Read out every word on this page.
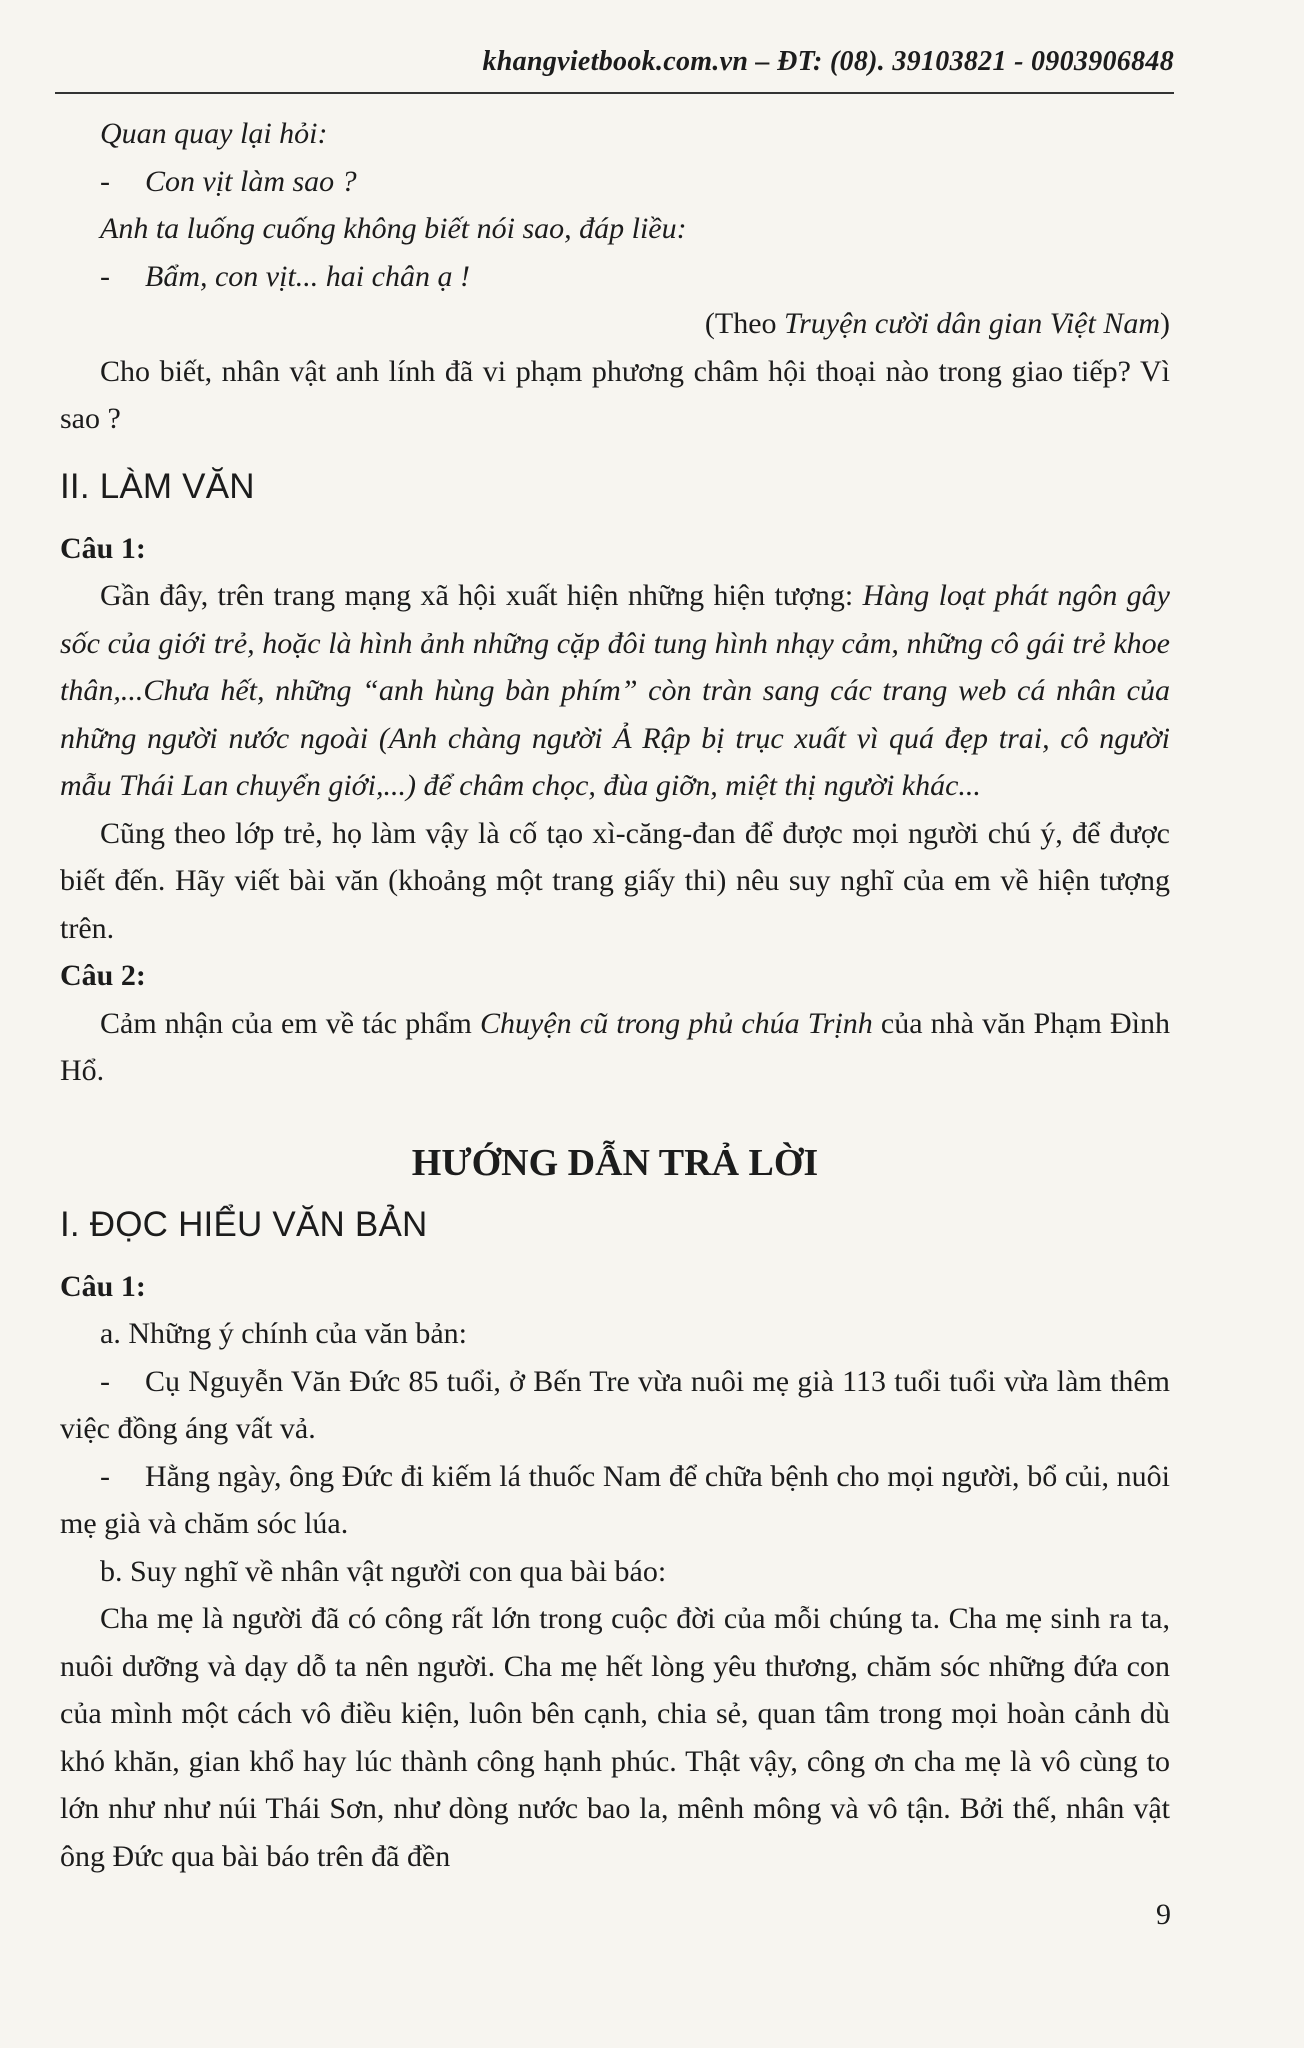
khangvietbook.com.vn – ĐT: (08). 39103821 - 0903906848

Quan quay lại hỏi:

-	Con vịt làm sao ?

Anh ta luống cuống không biết nói sao, đáp liều:

-	Bẩm, con vịt... hai chân ạ !

(Theo Truyện cười dân gian Việt Nam)

Cho biết, nhân vật anh lính đã vi phạm phương châm hội thoại nào trong giao tiếp? Vì sao ?

II. LÀM VĂN

Câu 1:

Gần đây, trên trang mạng xã hội xuất hiện những hiện tượng: Hàng loạt phát ngôn gây sốc của giới trẻ, hoặc là hình ảnh những cặp đôi tung hình nhạy cảm, những cô gái trẻ khoe thân,...Chưa hết, những “anh hùng bàn phím” còn tràn sang các trang web cá nhân của những người nước ngoài (Anh chàng người Ả Rập bị trục xuất vì quá đẹp trai, cô người mẫu Thái Lan chuyển giới,...) để châm chọc, đùa giỡn, miệt thị người khác...

Cũng theo lớp trẻ, họ làm vậy là cố tạo xì-căng-đan để được mọi người chú ý, để được biết đến. Hãy viết bài văn (khoảng một trang giấy thi) nêu suy nghĩ của em về hiện tượng trên.

Câu 2:

Cảm nhận của em về tác phẩm Chuyện cũ trong phủ chúa Trịnh của nhà văn Phạm Đình Hổ.

HƯỚNG DẪN TRẢ LỜI
I. ĐỌC HIỂU VĂN BẢN

Câu 1:

a. Những ý chính của văn bản:

- Cụ Nguyễn Văn Đức 85 tuổi, ở Bến Tre vừa nuôi mẹ già 113 tuổi tuổi vừa làm thêm việc đồng áng vất vả.

- Hằng ngày, ông Đức đi kiếm lá thuốc Nam để chữa bệnh cho mọi người, bổ củi, nuôi mẹ già và chăm sóc lúa.

b. Suy nghĩ về nhân vật người con qua bài báo:

Cha mẹ là người đã có công rất lớn trong cuộc đời của mỗi chúng ta. Cha mẹ sinh ra ta, nuôi dưỡng và dạy dỗ ta nên người. Cha mẹ hết lòng yêu thương, chăm sóc những đứa con của mình một cách vô điều kiện, luôn bên cạnh, chia sẻ, quan tâm trong mọi hoàn cảnh dù khó khăn, gian khổ hay lúc thành công hạnh phúc. Thật vậy, công ơn cha mẹ là vô cùng to lớn như như núi Thái Sơn, như dòng nước bao la, mênh mông và vô tận. Bởi thế, nhân vật ông Đức qua bài báo trên đã đền

9
